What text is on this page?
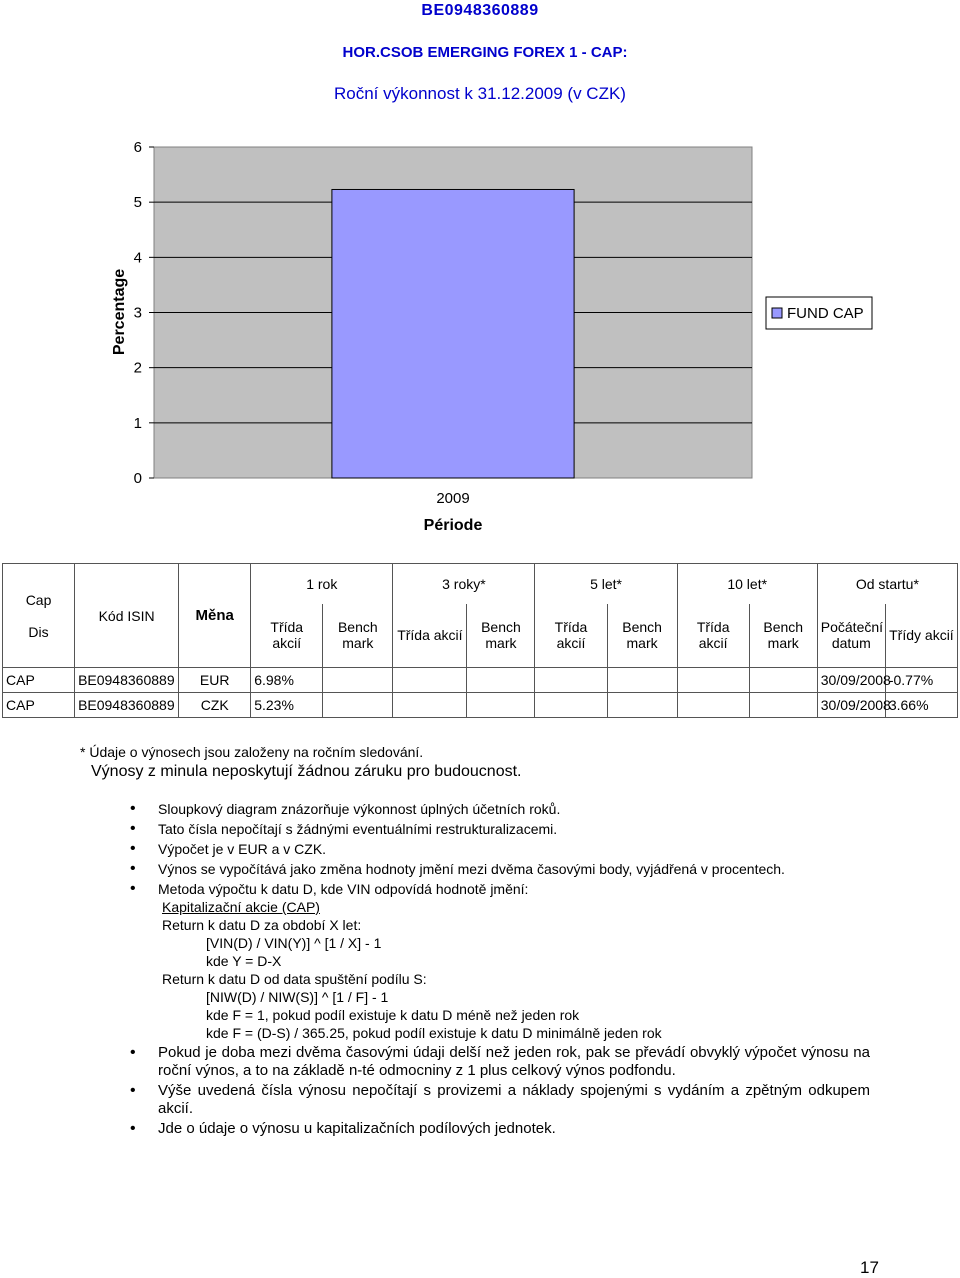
BE0948360889
HOR.CSOB EMERGING FOREX 1 - CAP:
Roční výkonnost k 31.12.2009 (v CZK)
0
1
2
3
4
5
6
2009
Période
Percentage	FUND CAP
Cap

Dis	Kód ISIN	Měna	1 rok		3 roky*		5 let*		10 let*		Od startu*	
			Třída akcií	Bench mark	Třída akcií	Bench mark	Třída akcií	Bench mark	Třída akcií	Bench mark	Počáteční datum	Třídy akcií
CAP	BE0948360889	EUR	6.98%								30/09/2008	-0.77%
CAP	BE0948360889	CZK	5.23%								30/09/2008	3.66%
* Údaje o výnosech jsou založeny na ročním sledování.
Výnosy z minula neposkytují žádnou záruku pro budoucnost.
• Sloupkový diagram znázorňuje výkonnost úplných účetních roků.
• Tato čísla nepočítají s žádnými eventuálními restrukturalizacemi.
• Výpočet je v EUR a v CZK.
• Výnos se vypočítává jako změna hodnoty jmění mezi dvěma časovými body, vyjádřená v procentech.
• Metoda výpočtu k datu D, kde VIN odpovídá hodnotě jmění:
Kapitalizační akcie (CAP)
Return k datu D za období X let:
[VIN(D) / VIN(Y)] ^ [1 / X] - 1
kde Y = D-X
Return k datu D od data spuštění podílu S:
[NIW(D) / NIW(S)] ^ [1 / F] - 1
kde F = 1, pokud podíl existuje k datu D méně než jeden rok
kde F = (D-S) / 365.25, pokud podíl existuje k datu D minimálně jeden rok
• Pokud je doba mezi dvěma časovými údaji delší než jeden rok, pak se převádí obvyklý výpočet výnosu na roční výnos, a to na základě n-té odmocniny z 1 plus celkový výnos podfondu.
• Výše uvedená čísla výnosu nepočítají s provizemi a náklady spojenými s vydáním a zpětným odkupem akcií.
• Jde o údaje o výnosu u kapitalizačních podílových jednotek.
17
